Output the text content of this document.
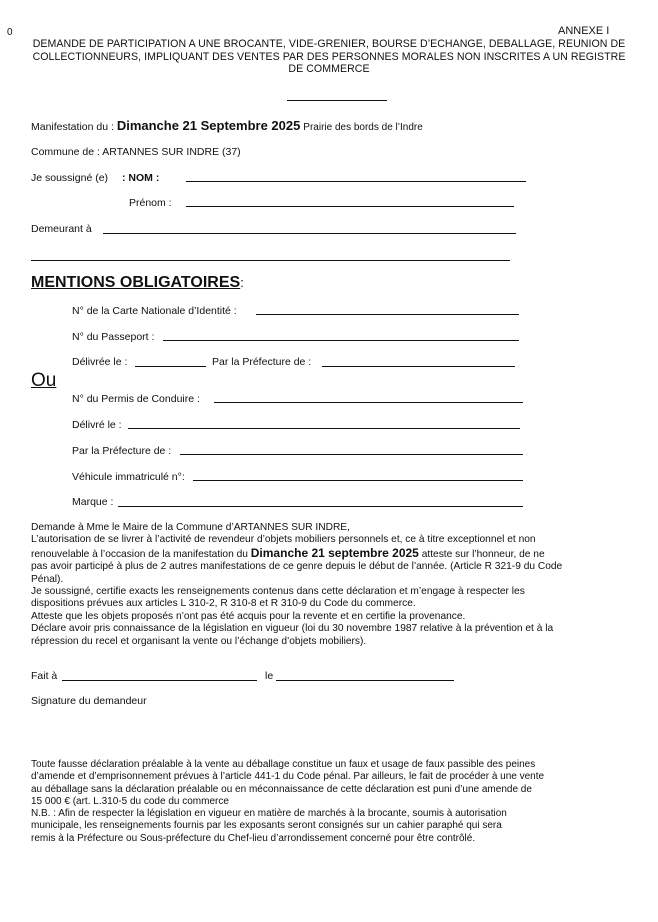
0	ANNEXE I
DEMANDE DE PARTICIPATION A UNE BROCANTE, VIDE-GRENIER, BOURSE D’ECHANGE, DEBALLAGE, REUNION DE
COLLECTIONNEURS, IMPLIQUANT DES VENTES PAR DES PERSONNES MORALES NON INSCRITES A UN REGISTRE
DE COMMERCE
Manifestation du : Dimanche 21 Septembre 2025 Prairie des bords de l’Indre
Commune de : ARTANNES SUR INDRE (37)
Je soussigné (e) : NOM :
Prénom :
Demeurant à
MENTIONS OBLIGATOIRES:
N° de la Carte Nationale d’Identité :
N° du Passeport :
Délivrée le :	Par la Préfecture de :
Ou
N° du Permis de Conduire :
Délivré le :
Par la Préfecture de :
Véhicule immatriculé n°:
Marque :
Demande à Mme le Maire de la Commune d’ARTANNES SUR INDRE,
L’autorisation de se livrer à l’activité de revendeur d’objets mobiliers personnels et, ce à titre exceptionnel et non
renouvelable à l’occasion de la manifestation du Dimanche 21 septembre 2025 atteste sur l’honneur, de ne
pas avoir participé à plus de 2 autres manifestations de ce genre depuis le début de l’année. (Article R 321-9 du Code
Pénal).
Je soussigné, certifie exacts les renseignements contenus dans cette déclaration et m’engage à respecter les
dispositions prévues aux articles L 310-2, R 310-8 et R 310-9 du Code du commerce.
Atteste que les objets proposés n’ont pas été acquis pour la revente et en certifie la provenance.
Déclare avoir pris connaissance de la législation en vigueur (loi du 30 novembre 1987 relative à la prévention et à la
répression du recel et organisant la vente ou l’échange d’objets mobiliers).
Fait à	le
Signature du demandeur
Toute fausse déclaration préalable à la vente au déballage constitue un faux et usage de faux passible des peines
d’amende et d’emprisonnement prévues à l’article 441-1 du Code pénal. Par ailleurs, le fait de procéder à une vente
au déballage sans la déclaration préalable ou en méconnaissance de cette déclaration est puni d’une amende de
15 000 € (art. L.310-5 du code du commerce
N.B. : Afin de respecter la législation en vigueur en matière de marchés à la brocante, soumis à autorisation
municipale, les renseignements fournis par les exposants seront consignés sur un cahier paraphé qui sera
remis à la Préfecture ou Sous-préfecture du Chef-lieu d’arrondissement concerné pour être contrôlé.
